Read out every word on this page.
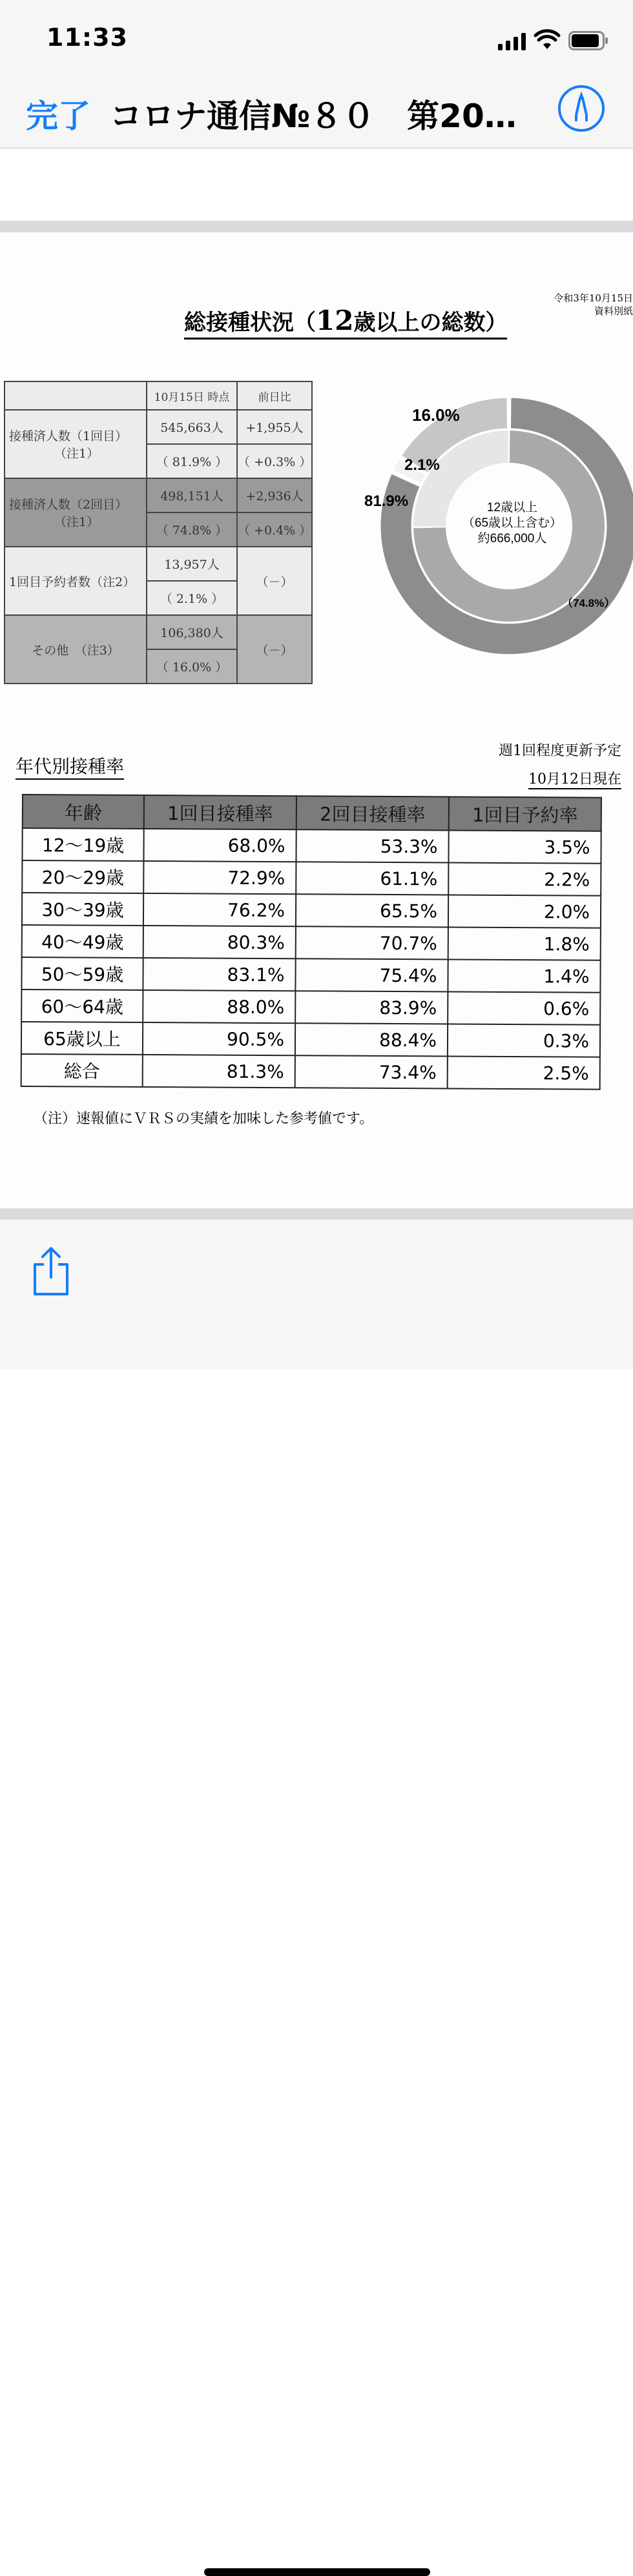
11:33
完了 コロナ通信№８０　第20…
令和3年10月15日
資料別紙
総接種状況（12歳以上の総数）
	10月15日 時点	前日比

接種済人数（1回目）
（注1）	545,663人	+1,955人
	（ 81.9% ）	（ +0.3% ）

接種済人数（2回目）
（注1）	498,151人	+2,936人
	（ 74.8% ）	（ +0.4% ）
1回目予約者数（注2）	13,957人	（－）
	（ 2.1% ）	
その他　（注3）	106,380人	（－）
	（ 16.0% ）	
12歳以上
（65歳以上含む）
約666,000人
16.0%
2.1%
81.9%
（74.8%）
週1回程度更新予定
年代別接種率
10月12日現在
年齢	1回目接種率	2回目接種率	1回目予約率
12～19歳	68.0%	53.3%	3.5%
20～29歳	72.9%	61.1%	2.2%
30～39歳	76.2%	65.5%	2.0%
40～49歳	80.3%	70.7%	1.8%
50～59歳	83.1%	75.4%	1.4%
60～64歳	88.0%	83.9%	0.6%
65歳以上	90.5%	88.4%	0.3%
総合	81.3%	73.4%	2.5%
（注）速報値にＶＲＳの実績を加味した参考値です。
